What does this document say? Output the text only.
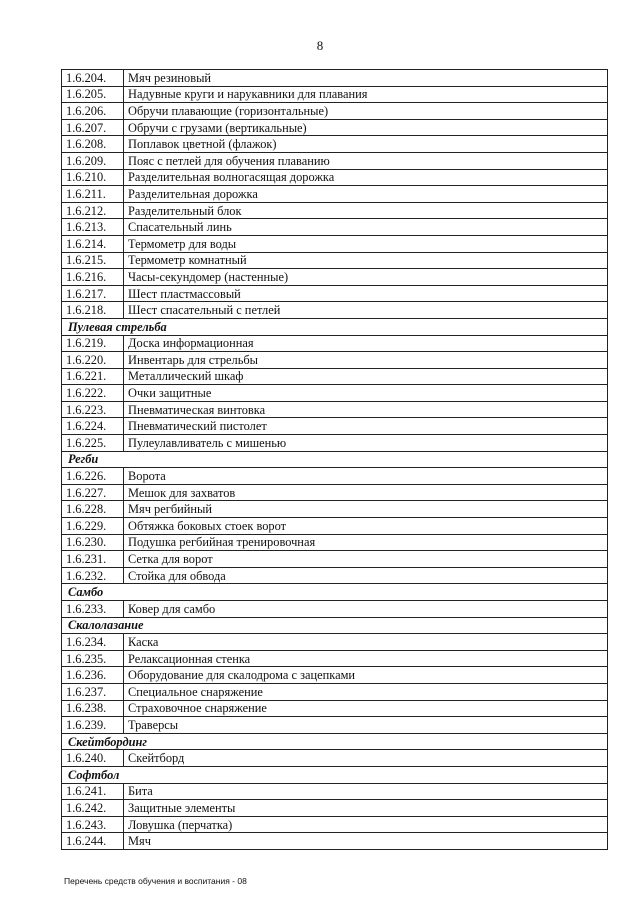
8
1.6.204.	Мяч резиновый
1.6.205.	Надувные круги и нарукавники для плавания
1.6.206.	Обручи плавающие (горизонтальные)
1.6.207.	Обручи с грузами (вертикальные)
1.6.208.	Поплавок цветной (флажок)
1.6.209.	Пояс с петлей для обучения плаванию
1.6.210.	Разделительная волногасящая дорожка
1.6.211.	Разделительная дорожка
1.6.212.	Разделительный блок
1.6.213.	Спасательный линь
1.6.214.	Термометр для воды
1.6.215.	Термометр комнатный
1.6.216.	Часы-секундомер (настенные)
1.6.217.	Шест пластмассовый
1.6.218.	Шест спасательный с петлей
Пулевая стрельба	
1.6.219.	Доска информационная
1.6.220.	Инвентарь для стрельбы
1.6.221.	Металлический шкаф
1.6.222.	Очки защитные
1.6.223.	Пневматическая винтовка
1.6.224.	Пневматический пистолет
1.6.225.	Пулеулавливатель с мишенью
Регби	
1.6.226.	Ворота
1.6.227.	Мешок для захватов
1.6.228.	Мяч регбийный
1.6.229.	Обтяжка боковых стоек ворот
1.6.230.	Подушка регбийная тренировочная
1.6.231.	Сетка для ворот
1.6.232.	Стойка для обвода
Самбо	
1.6.233.	Ковер для самбо
Скалолазание	
1.6.234.	Каска
1.6.235.	Релаксационная стенка
1.6.236.	Оборудование для скалодрома с зацепками
1.6.237.	Специальное снаряжение
1.6.238.	Страховочное снаряжение
1.6.239.	Траверсы
Скейтбординг	
1.6.240.	Скейтборд
Софтбол	
1.6.241.	Бита
1.6.242.	Защитные элементы
1.6.243.	Ловушка (перчатка)
1.6.244.	Мяч
Перечень средств обучения и воспитания - 08
